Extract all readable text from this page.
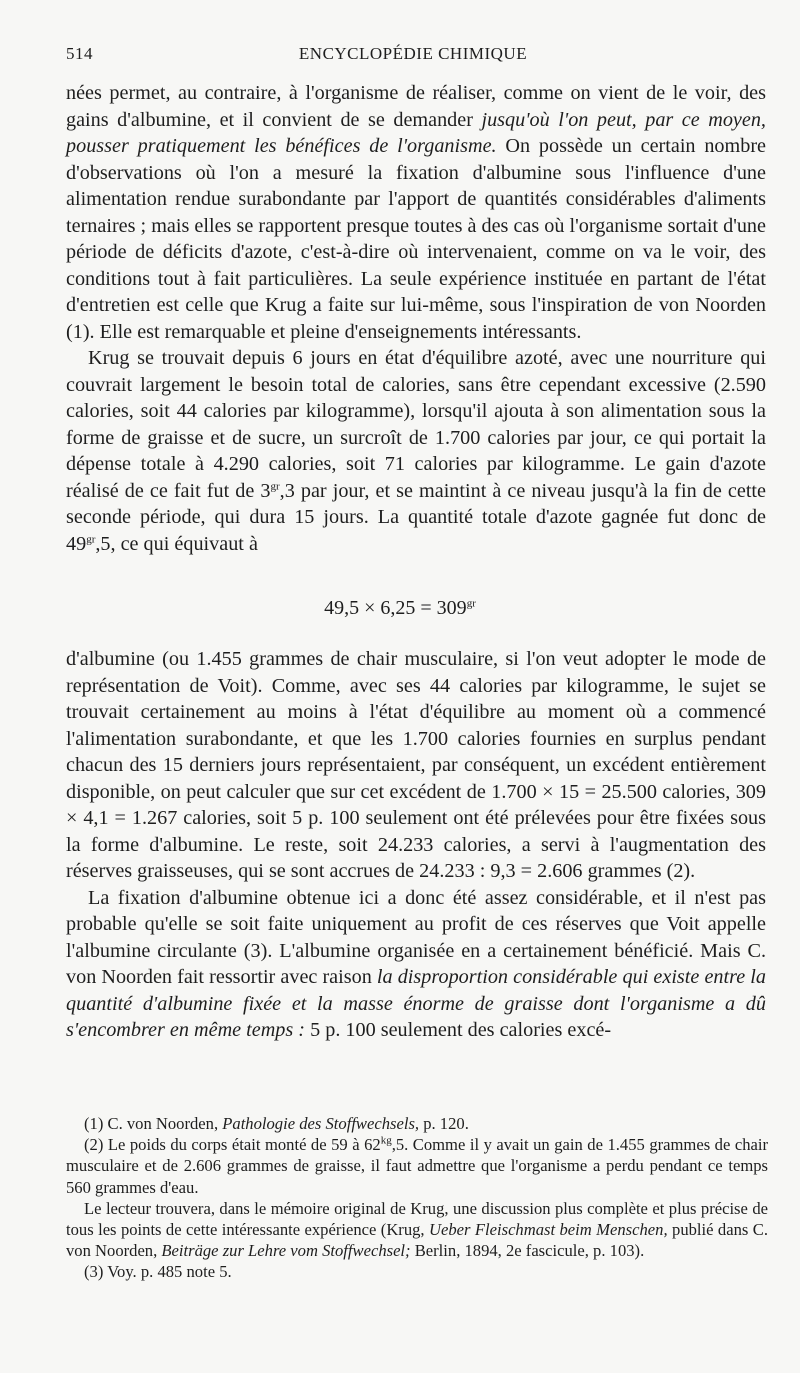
514	ENCYCLOPÉDIE CHIMIQUE

nées permet, au contraire, à l'organisme de réaliser, comme on vient de le voir, des gains d'albumine, et il convient de se demander jusqu'où l'on peut, par ce moyen, pousser pratiquement les bénéfices de l'organisme. On possède un certain nombre d'observations où l'on a mesuré la fixation d'albumine sous l'influence d'une alimentation rendue surabondante par l'apport de quantités considérables d'aliments ternaires ; mais elles se rapportent presque toutes à des cas où l'organisme sortait d'une période de déficits d'azote, c'est-à-dire où intervenaient, comme on va le voir, des conditions tout à fait particulières. La seule expérience instituée en partant de l'état d'entretien est celle que Krug a faite sur lui-même, sous l'inspiration de von Noorden (1). Elle est remarquable et pleine d'enseignements intéressants.

Krug se trouvait depuis 6 jours en état d'équilibre azoté, avec une nourriture qui couvrait largement le besoin total de calories, sans être cependant excessive (2.590 calories, soit 44 calories par kilogramme), lorsqu'il ajouta à son alimentation sous la forme de graisse et de sucre, un surcroît de 1.700 calories par jour, ce qui portait la dépense totale à 4.290 calories, soit 71 calories par kilogramme. Le gain d'azote réalisé de ce fait fut de $3^{gr},3$ par jour, et se maintint à ce niveau jusqu'à la fin de cette seconde période, qui dura 15 jours. La quantité totale d'azote gagnée fut donc de $49^{gr},5$, ce qui équivaut à

$49,5 \times 6,25 = 309^{gr}$

d'albumine (ou 1.455 grammes de chair musculaire, si l'on veut adopter le mode de représentation de Voit). Comme, avec ses 44 calories par kilogramme, le sujet se trouvait certainement au moins à l'état d'équilibre au moment où a commencé l'alimentation surabondante, et que les 1.700 calories fournies en surplus pendant chacun des 15 derniers jours représentaient, par conséquent, un excédent entièrement disponible, on peut calculer que sur cet excédent de 1.700 × 15 = 25.500 calories, 309 × 4,1 = 1.267 calories, soit 5 p. 100 seulement ont été prélevées pour être fixées sous la forme d'albumine. Le reste, soit 24.233 calories, a servi à l'augmentation des réserves graisseuses, qui se sont accrues de 24.233 : 9,3 = 2.606 grammes (2).

La fixation d'albumine obtenue ici a donc été assez considérable, et il n'est pas probable qu'elle se soit faite uniquement au profit de ces réserves que Voit appelle l'albumine circulante (3). L'albumine organisée en a certainement bénéficié. Mais C. von Noorden fait ressortir avec raison la disproportion considérable qui existe entre la quantité d'albumine fixée et la masse énorme de graisse dont l'organisme a dû s'encombrer en même temps : 5 p. 100 seulement des calories excé-

(1) C. von Noorden, Pathologie des Stoffwechsels, p. 120.

(2) Le poids du corps était monté de 59 à $62^{kg},5$. Comme il y avait un gain de 1.455 grammes de chair musculaire et de 2.606 grammes de graisse, il faut admettre que l'organisme a perdu pendant ce temps 560 grammes d'eau.

Le lecteur trouvera, dans le mémoire original de Krug, une discussion plus complète et plus précise de tous les points de cette intéressante expérience (Krug, Ueber Fleischmast beim Menschen, publié dans C. von Noorden, Beiträge zur Lehre vom Stoffwechsel; Berlin, 1894, 2e fascicule, p. 103).

(3) Voy. p. 485 note 5.
